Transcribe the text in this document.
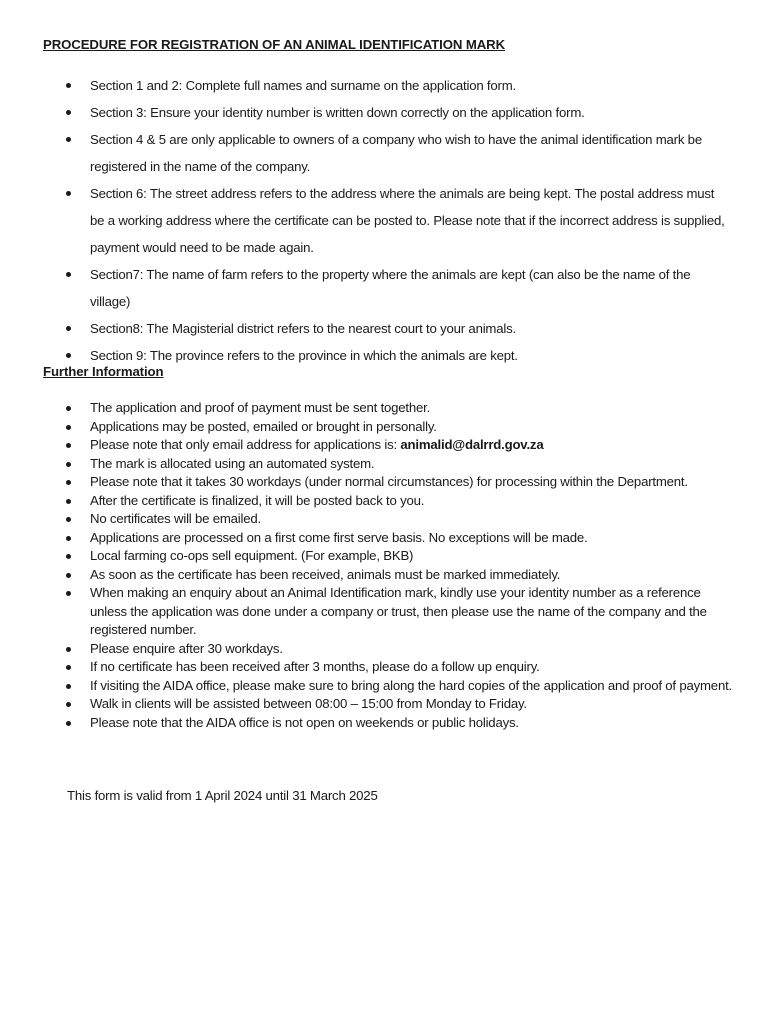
PROCEDURE FOR REGISTRATION OF AN ANIMAL IDENTIFICATION MARK
Section 1 and 2: Complete full names and surname on the application form.
Section 3: Ensure your identity number is written down correctly on the application form.
Section 4 & 5 are only applicable to owners of a company who wish to have the animal identification mark be registered in the name of the company.
Section 6: The street address refers to the address where the animals are being kept. The postal address must be a working address where the certificate can be posted to. Please note that if the incorrect address is supplied, payment would need to be made again.
Section7: The name of farm refers to the property where the animals are kept (can also be the name of the village)
Section8: The Magisterial district refers to the nearest court to your animals.
Section 9: The province refers to the province in which the animals are kept.
Further Information
The application and proof of payment must be sent together.
Applications may be posted, emailed or brought in personally.
Please note that only email address for applications is: animalid@dalrrd.gov.za
The mark is allocated using an automated system.
Please note that it takes 30 workdays (under normal circumstances) for processing within the Department.
After the certificate is finalized, it will be posted back to you.
No certificates will be emailed.
Applications are processed on a first come first serve basis. No exceptions will be made.
Local farming co-ops sell equipment. (For example, BKB)
As soon as the certificate has been received, animals must be marked immediately.
When making an enquiry about an Animal Identification mark, kindly use your identity number as a reference unless the application was done under a company or trust, then please use the name of the company and the registered number.
Please enquire after 30 workdays.
If no certificate has been received after 3 months, please do a follow up enquiry.
If visiting the AIDA office, please make sure to bring along the hard copies of the application and proof of payment.
Walk in clients will be assisted between 08:00 – 15:00 from Monday to Friday.
Please note that the AIDA office is not open on weekends or public holidays.
This form is valid from 1 April 2024 until 31 March 2025
